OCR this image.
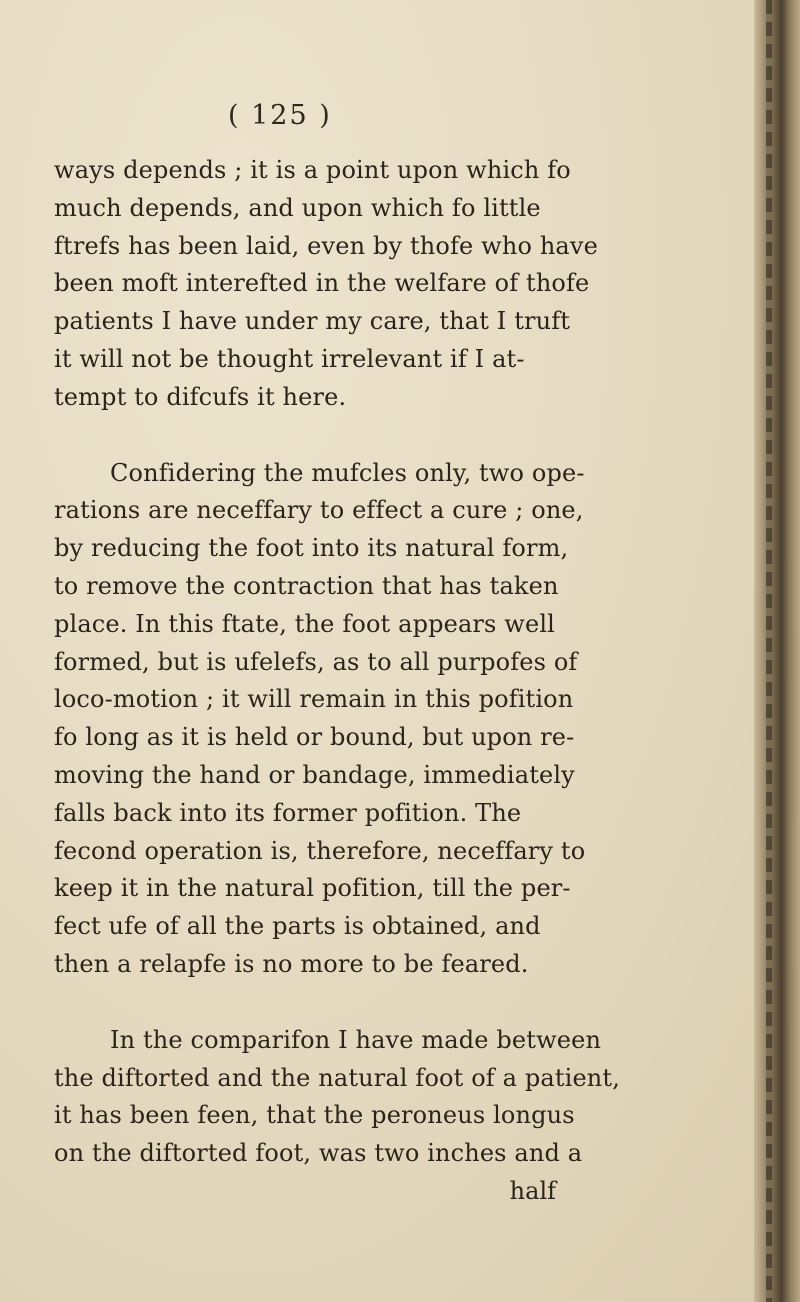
( 125 )
ways depends ; it is a point upon which fo
much depends, and upon which fo little
ftrefs has been laid, even by thofe who have
been moft interefted in the welfare of thofe
patients I have under my care, that I truft
it will not be thought irrelevant if I at-
tempt to difcufs it here.
Confidering the mufcles only, two ope-
rations are neceffary to effect a cure ; one,
by reducing the foot into its natural form,
to remove the contraction that has taken
place. In this ftate, the foot appears well
formed, but is ufelefs, as to all purpofes of
loco-motion ; it will remain in this pofition
fo long as it is held or bound, but upon re-
moving the hand or bandage, immediately
falls back into its former pofition. The
fecond operation is, therefore, neceffary to
keep it in the natural pofition, till the per-
fect ufe of all the parts is obtained, and
then a relapfe is no more to be feared.
In the comparifon I have made between
the diftorted and the natural foot of a patient,
it has been feen, that the peroneus longus
on the diftorted foot, was two inches and a
half
